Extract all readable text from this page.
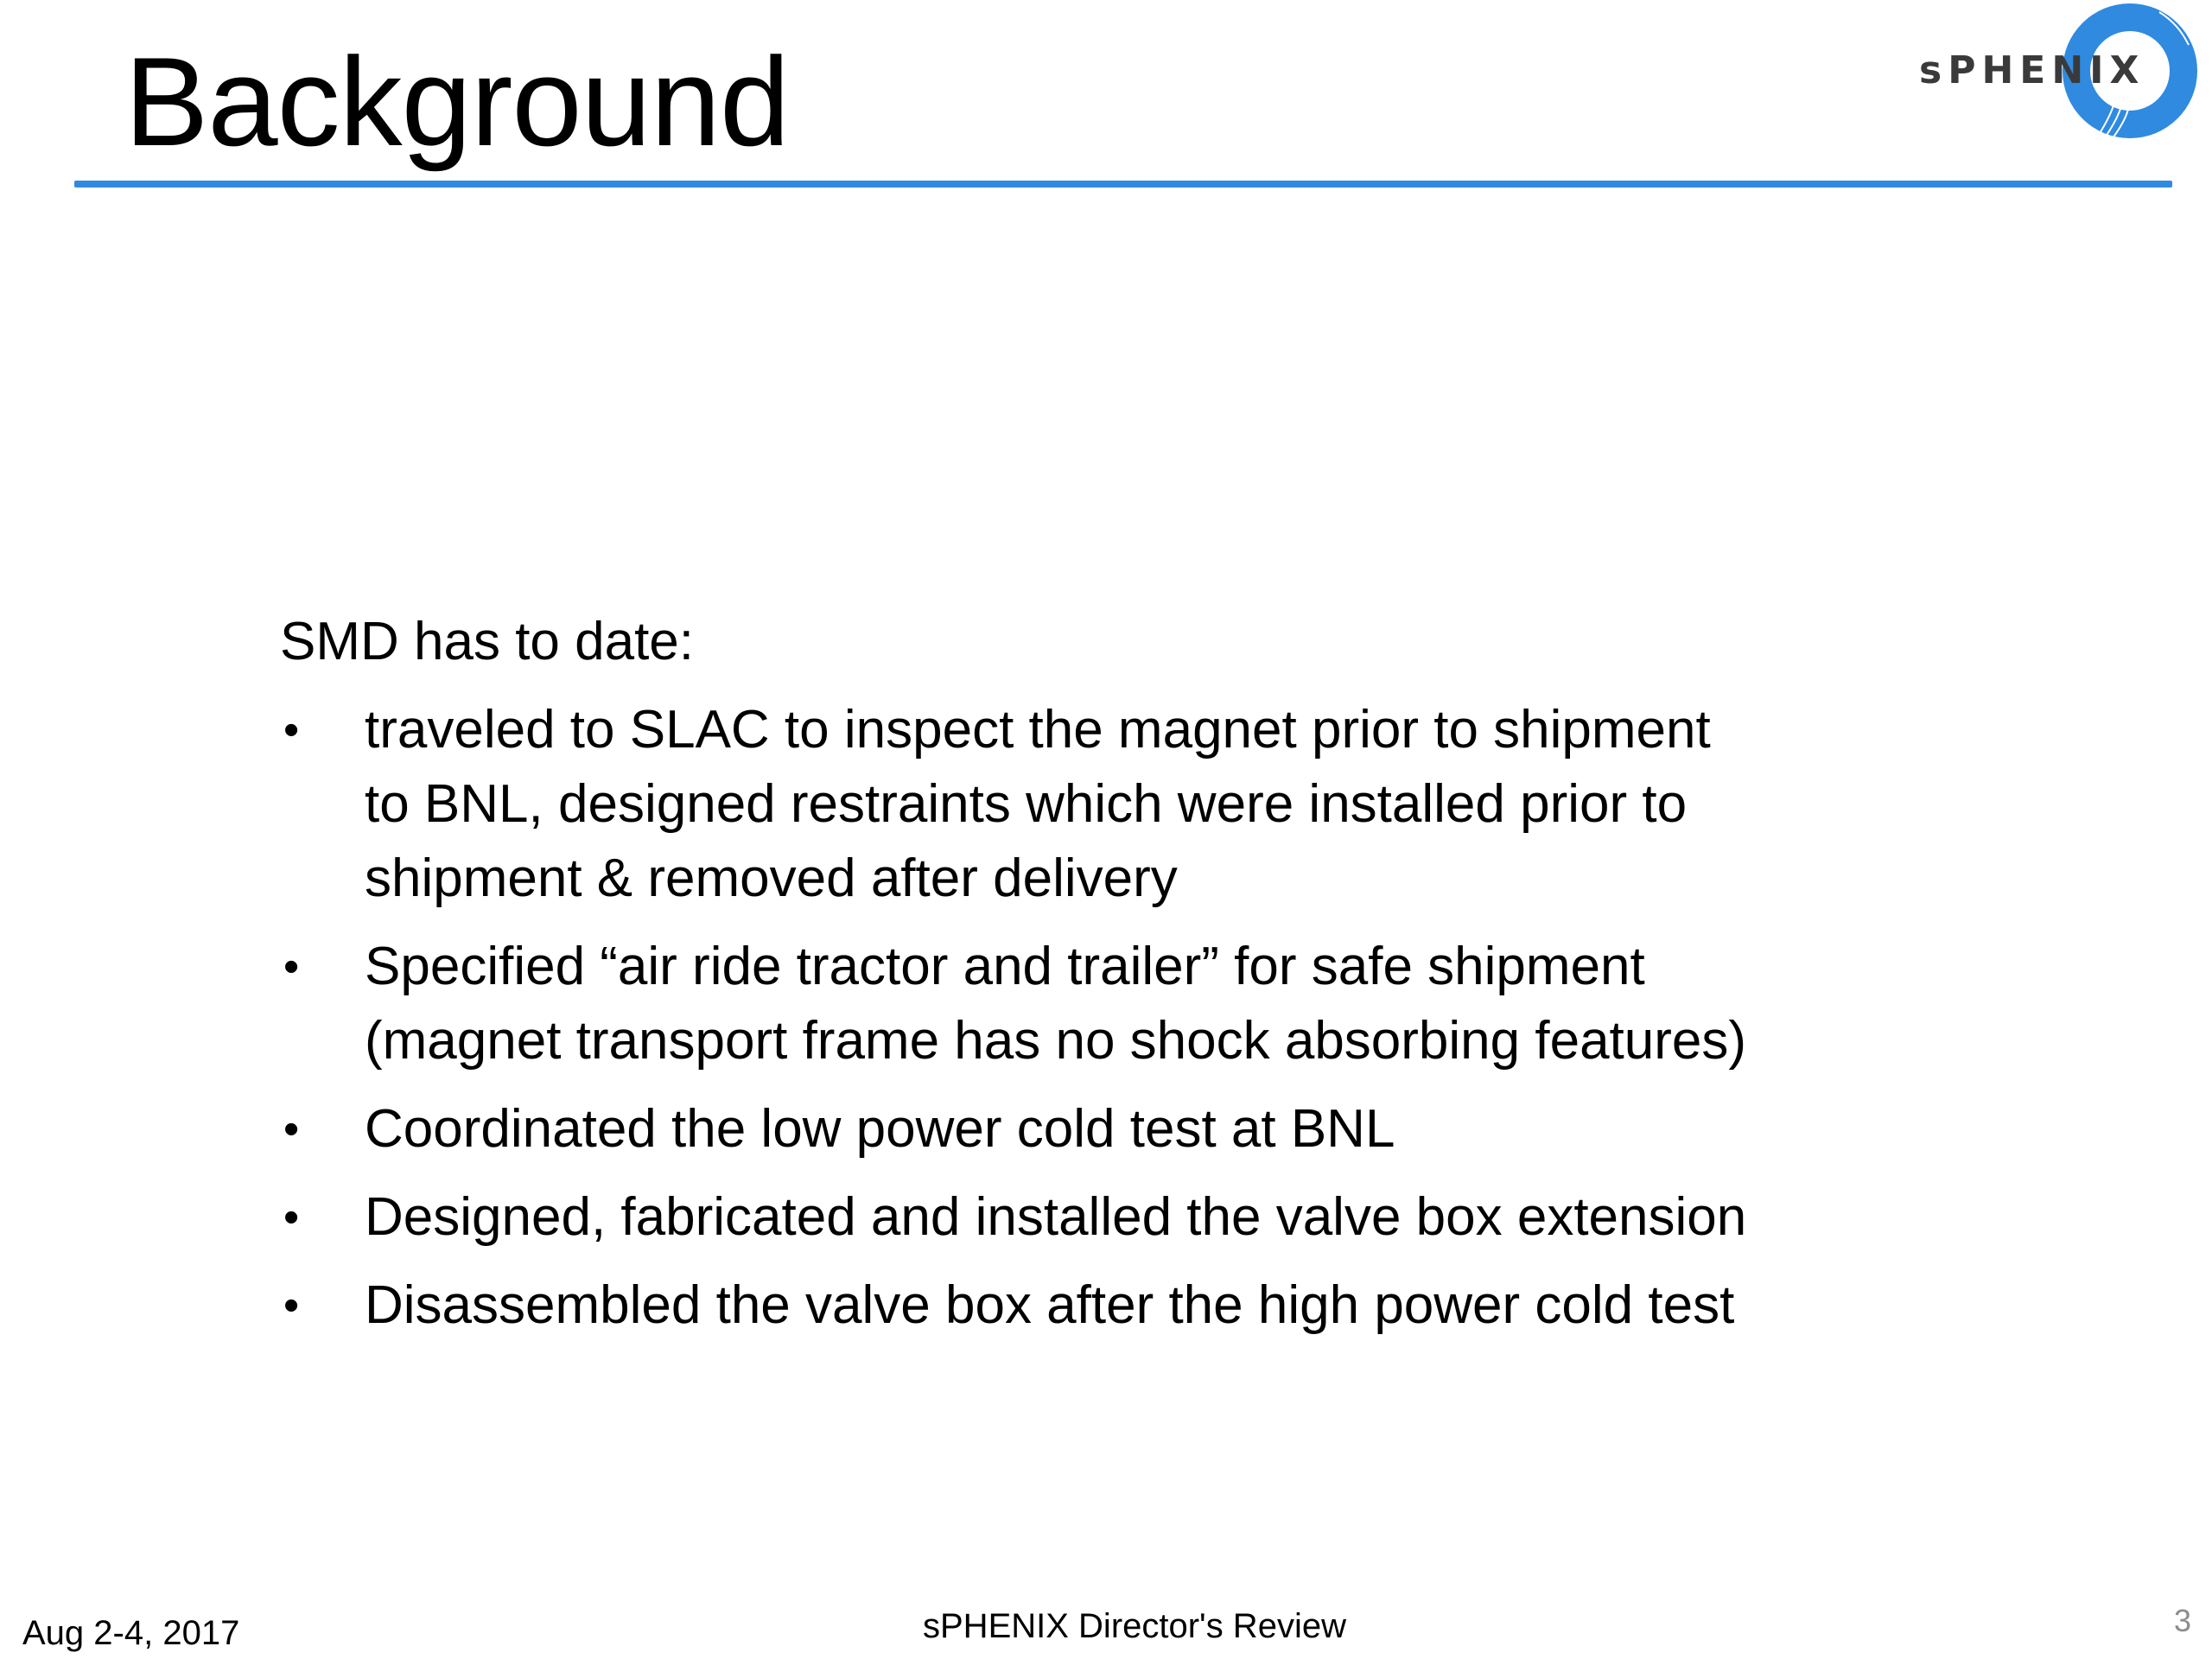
Background	sPHENIX
SMD has to date:
• traveled to SLAC to inspect the magnet prior to shipment
to BNL, designed restraints which were installed prior to
shipment & removed after delivery
• Specified “air ride tractor and trailer” for safe shipment
(magnet transport frame has no shock absorbing features)
• Coordinated the low power cold test at BNL
• Designed, fabricated and installed the valve box extension
• Disassembled the valve box after the high power cold test
Aug 2-4, 2017	sPHENIX Director's Review	3
